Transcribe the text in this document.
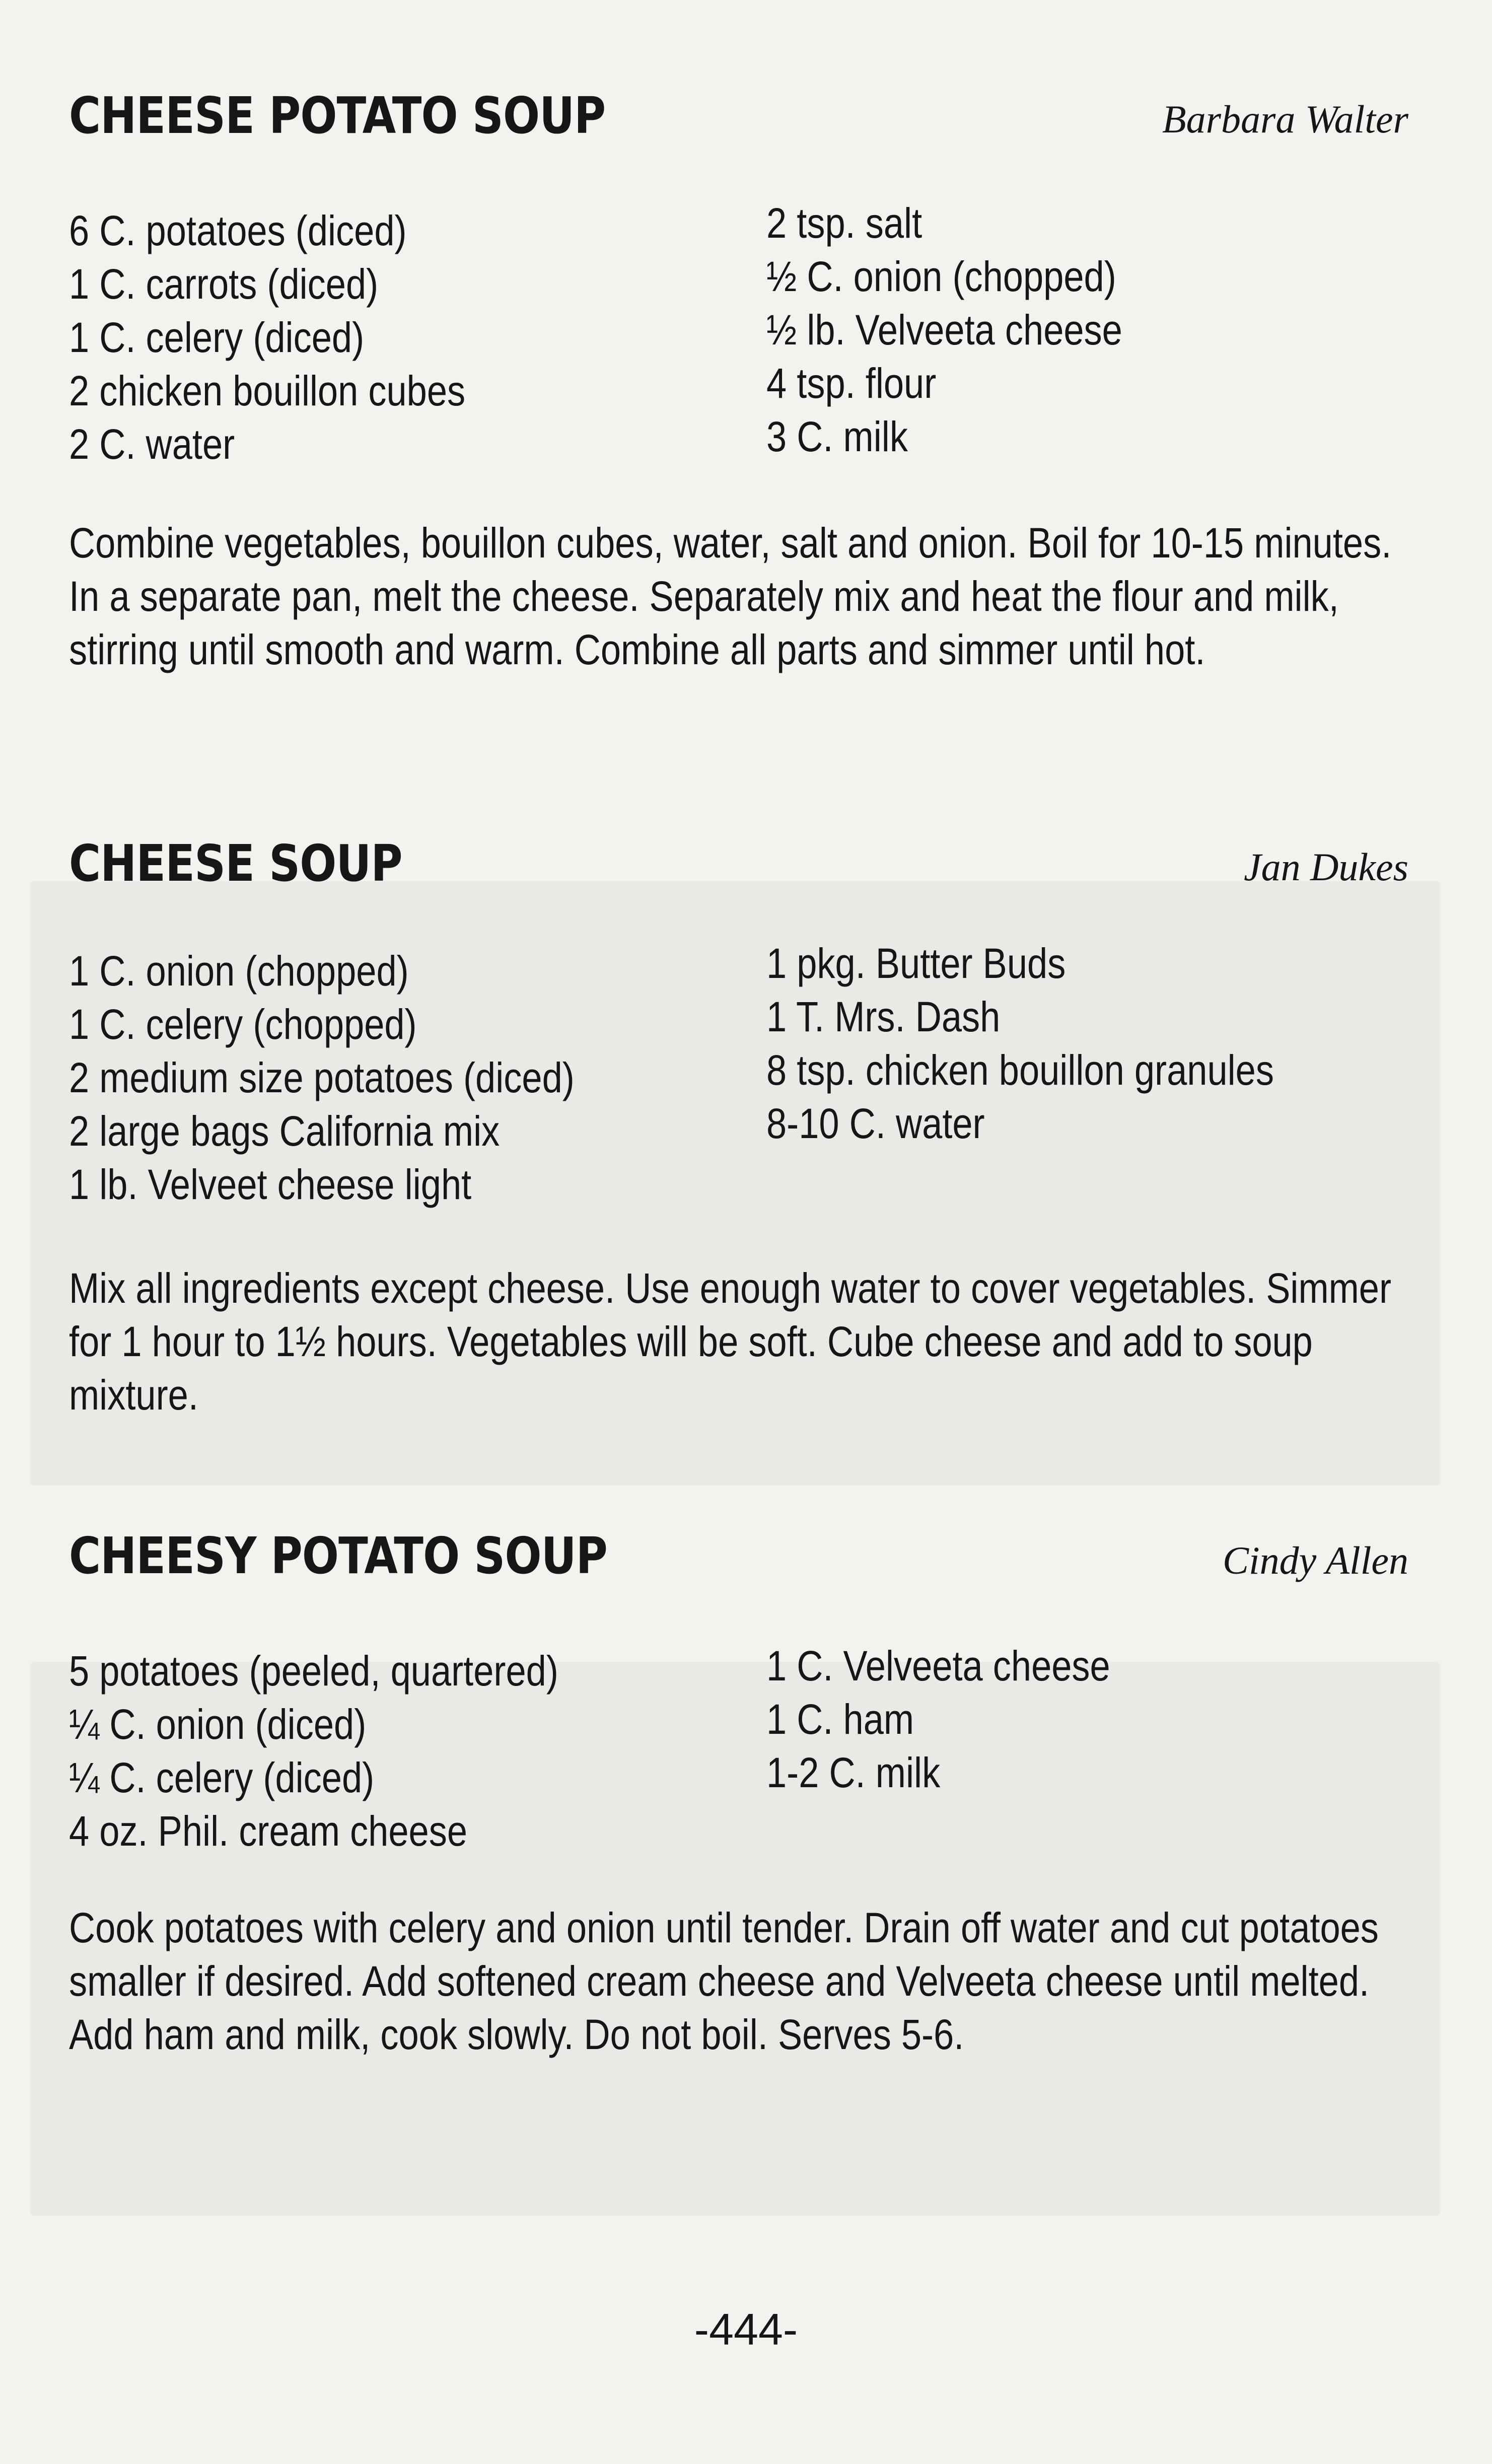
CHEESE POTATO SOUP	Barbara Walter
6 C. potatoes (diced)
1 C. carrots (diced)
1 C. celery (diced)
2 chicken bouillon cubes
2 C. water
2 tsp. salt
½ C. onion (chopped)
½ lb. Velveeta cheese
4 tsp. flour
3 C. milk

Combine vegetables, bouillon cubes, water, salt and onion. Boil for 10-15 minutes. In a separate pan, melt the cheese. Separately mix and heat the flour and milk, stirring until smooth and warm. Combine all parts and simmer until hot.

CHEESE SOUP	Jan Dukes
1 C. onion (chopped)
1 C. celery (chopped)
2 medium size potatoes (diced)
2 large bags California mix
1 lb. Velveet cheese light
1 pkg. Butter Buds
1 T. Mrs. Dash
8 tsp. chicken bouillon granules
8-10 C. water

Mix all ingredients except cheese. Use enough water to cover vegetables. Simmer for 1 hour to 1½ hours. Vegetables will be soft. Cube cheese and add to soup mixture.

CHEESY POTATO SOUP	Cindy Allen
5 potatoes (peeled, quartered)
¼ C. onion (diced)
¼ C. celery (diced)
4 oz. Phil. cream cheese
1 C. Velveeta cheese
1 C. ham
1-2 C. milk

Cook potatoes with celery and onion until tender. Drain off water and cut potatoes smaller if desired. Add softened cream cheese and Velveeta cheese until melted. Add ham and milk, cook slowly. Do not boil. Serves 5-6.

-444-
